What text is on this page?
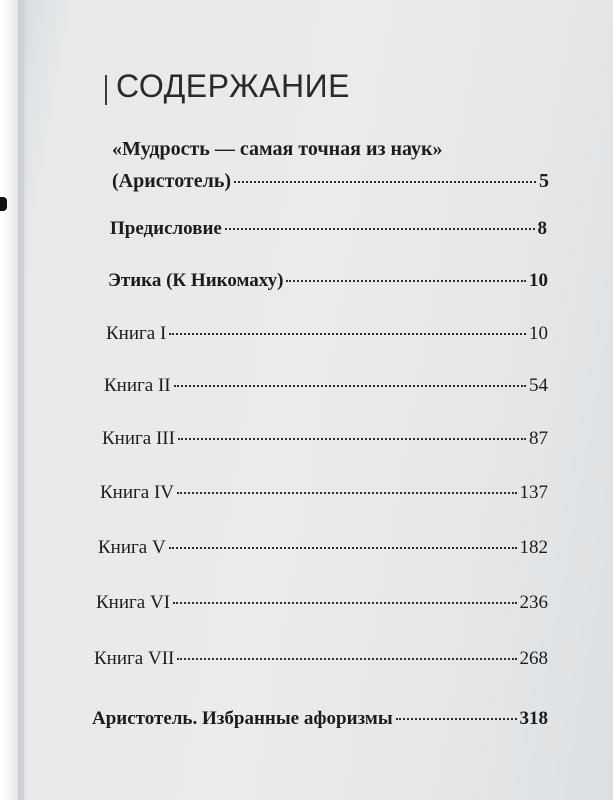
СОДЕРЖАНИЕ
«Мудрость — самая точная из наук»
(Аристотель)	5
Предисловие	8
Этика (К Никомаху)	10
Книга I	10
Книга II	54
Книга III	87
Книга IV	137
Книга V	182
Книга VI	236
Книга VII	268
Аристотель. Избранные афоризмы	318
